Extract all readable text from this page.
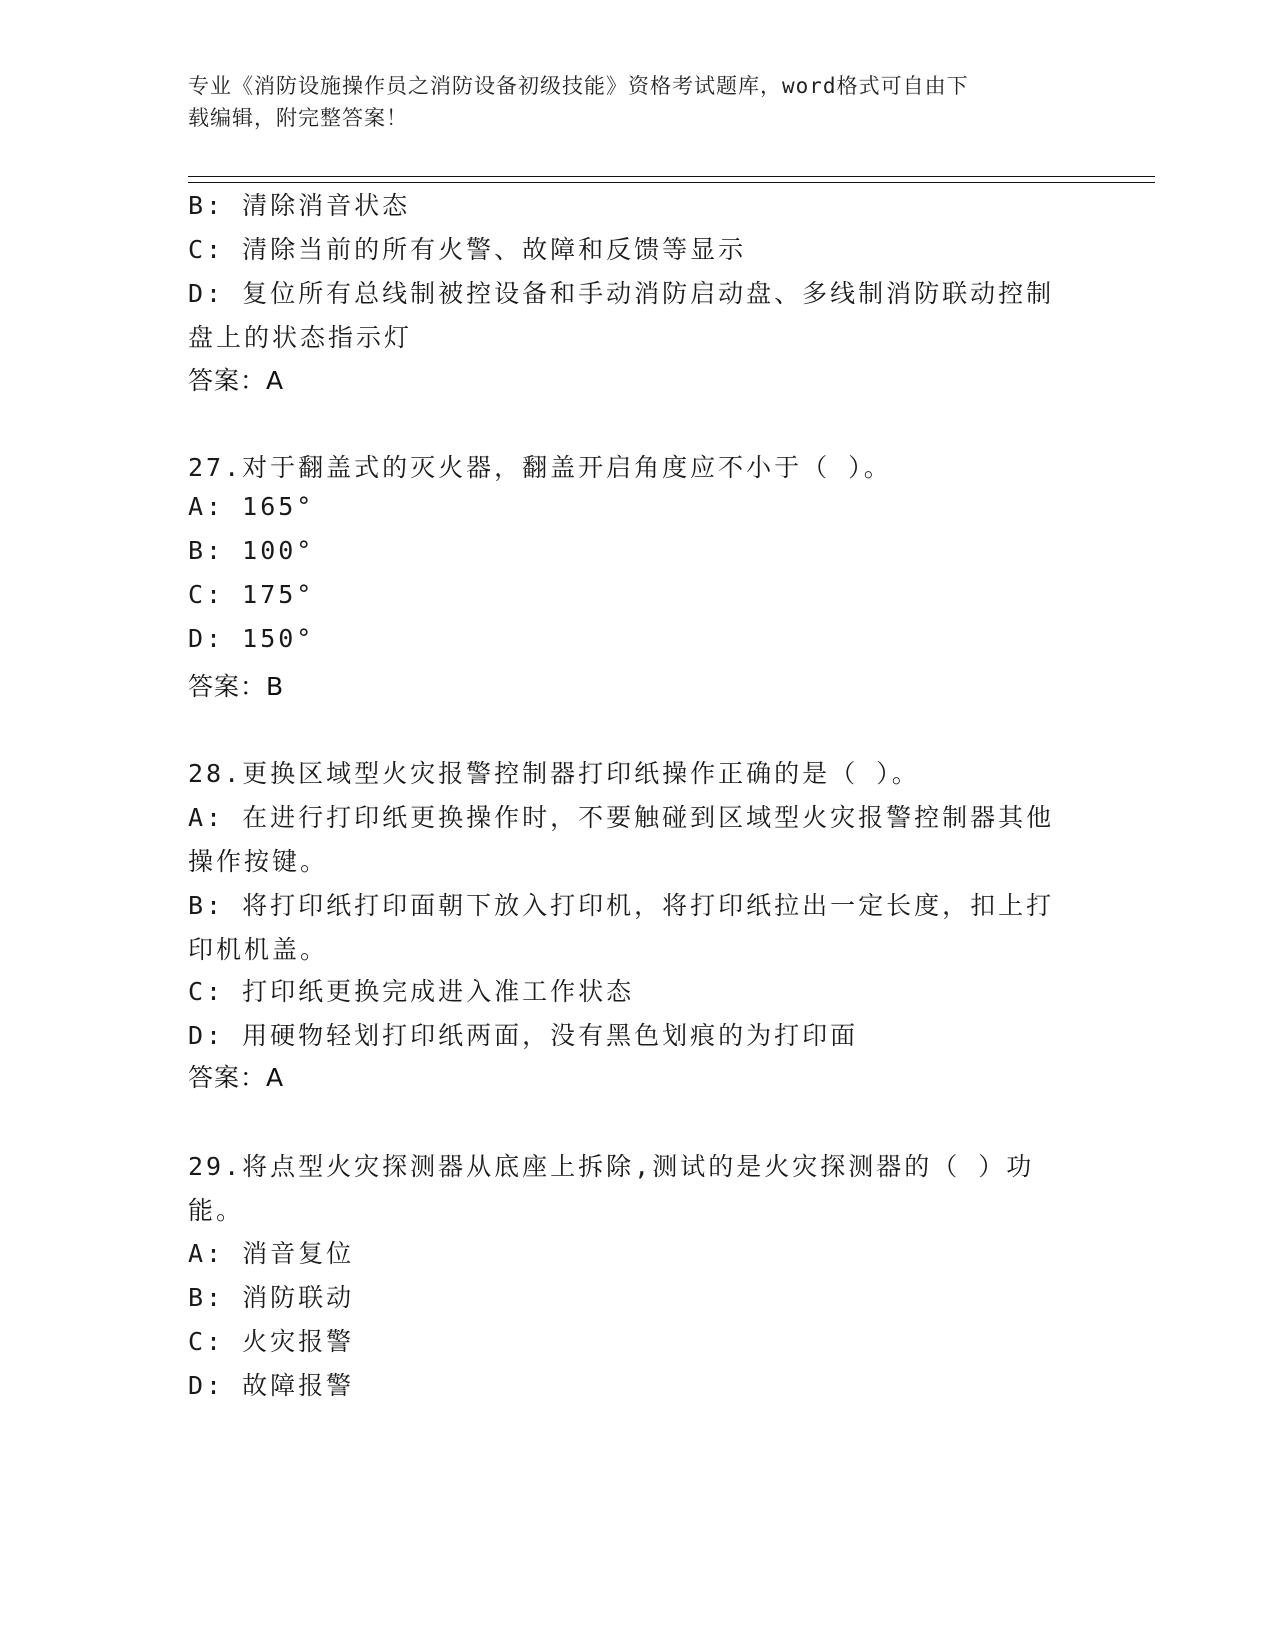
专业《消防设施操作员之消防设备初级技能》资格考试题库，word格式可自由下
载编辑，附完整答案！
B: 清除消音状态
C: 清除当前的所有火警、故障和反馈等显示
D: 复位所有总线制被控设备和手动消防启动盘、多线制消防联动控制
盘上的状态指示灯
答案：A
27.对于翻盖式的灭火器，翻盖开启角度应不小于（ ）。
A: 165°
B: 100°
C: 175°
D: 150°
答案：B
28.更换区域型火灾报警控制器打印纸操作正确的是（ ）。
A: 在进行打印纸更换操作时，不要触碰到区域型火灾报警控制器其他
操作按键。
B: 将打印纸打印面朝下放入打印机，将打印纸拉出一定长度，扣上打
印机机盖。
C: 打印纸更换完成进入准工作状态
D: 用硬物轻划打印纸两面，没有黑色划痕的为打印面
答案：A
29.将点型火灾探测器从底座上拆除,测试的是火灾探测器的（ ）功
能。
A: 消音复位
B: 消防联动
C: 火灾报警
D: 故障报警
